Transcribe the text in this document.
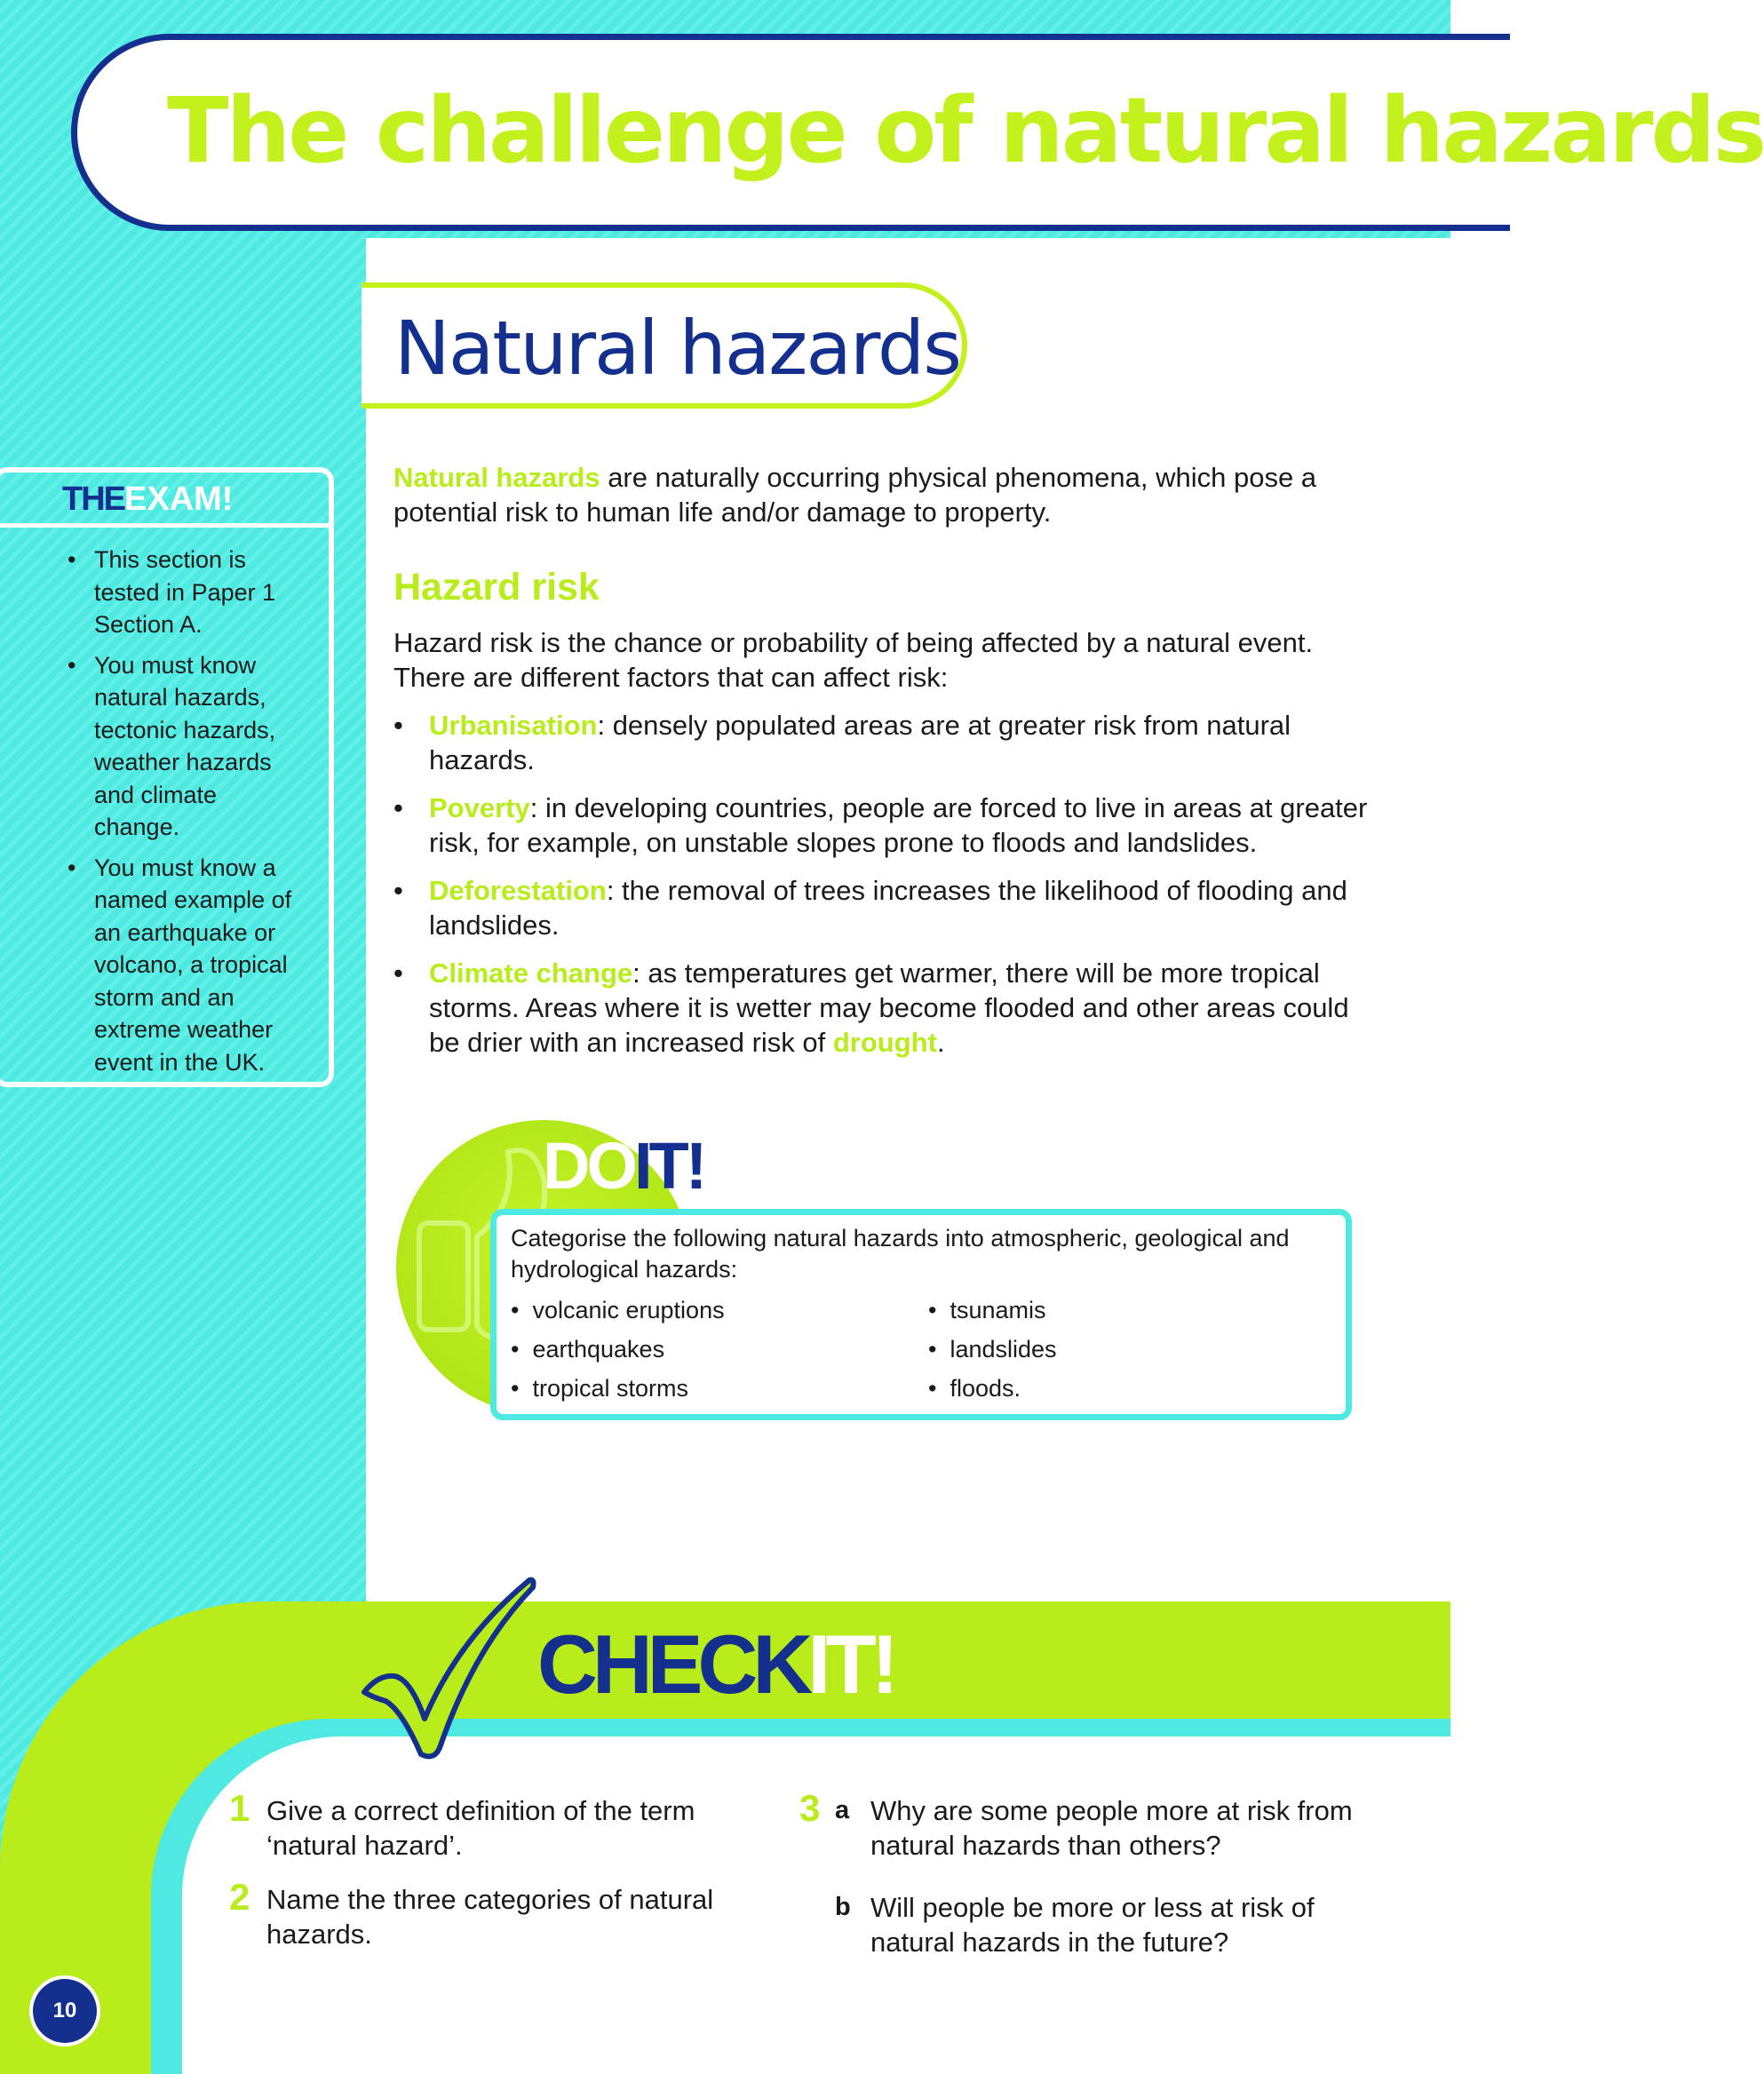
The challenge of natural hazards
Natural hazards
THEEXAM!
• This section is tested in Paper 1 Section A.
• You must know natural hazards, tectonic hazards, weather hazards and climate change.
• You must know a named example of an earthquake or volcano, a tropical storm and an extreme weather event in the UK.
Natural hazards are naturally occurring physical phenomena, which pose a potential risk to human life and/or damage to property.
Hazard risk
Hazard risk is the chance or probability of being affected by a natural event. There are different factors that can affect risk:
• Urbanisation: densely populated areas are at greater risk from natural hazards.
• Poverty: in developing countries, people are forced to live in areas at greater risk, for example, on unstable slopes prone to floods and landslides.
• Deforestation: the removal of trees increases the likelihood of flooding and landslides.
• Climate change: as temperatures get warmer, there will be more tropical storms. Areas where it is wetter may become flooded and other areas could be drier with an increased risk of drought.
DOIT!
Categorise the following natural hazards into atmospheric, geological and hydrological hazards:
•  volcanic eruptions
•  earthquakes
•  tropical storms
•  tsunamis
•  landslides
•  floods.
CHECKIT!
1 Give a correct definition of the term ‘natural hazard’.
2 Name the three categories of natural hazards.
3 a Why are some people more at risk from natural hazards than others?
b Will people be more or less at risk of natural hazards in the future?
10
